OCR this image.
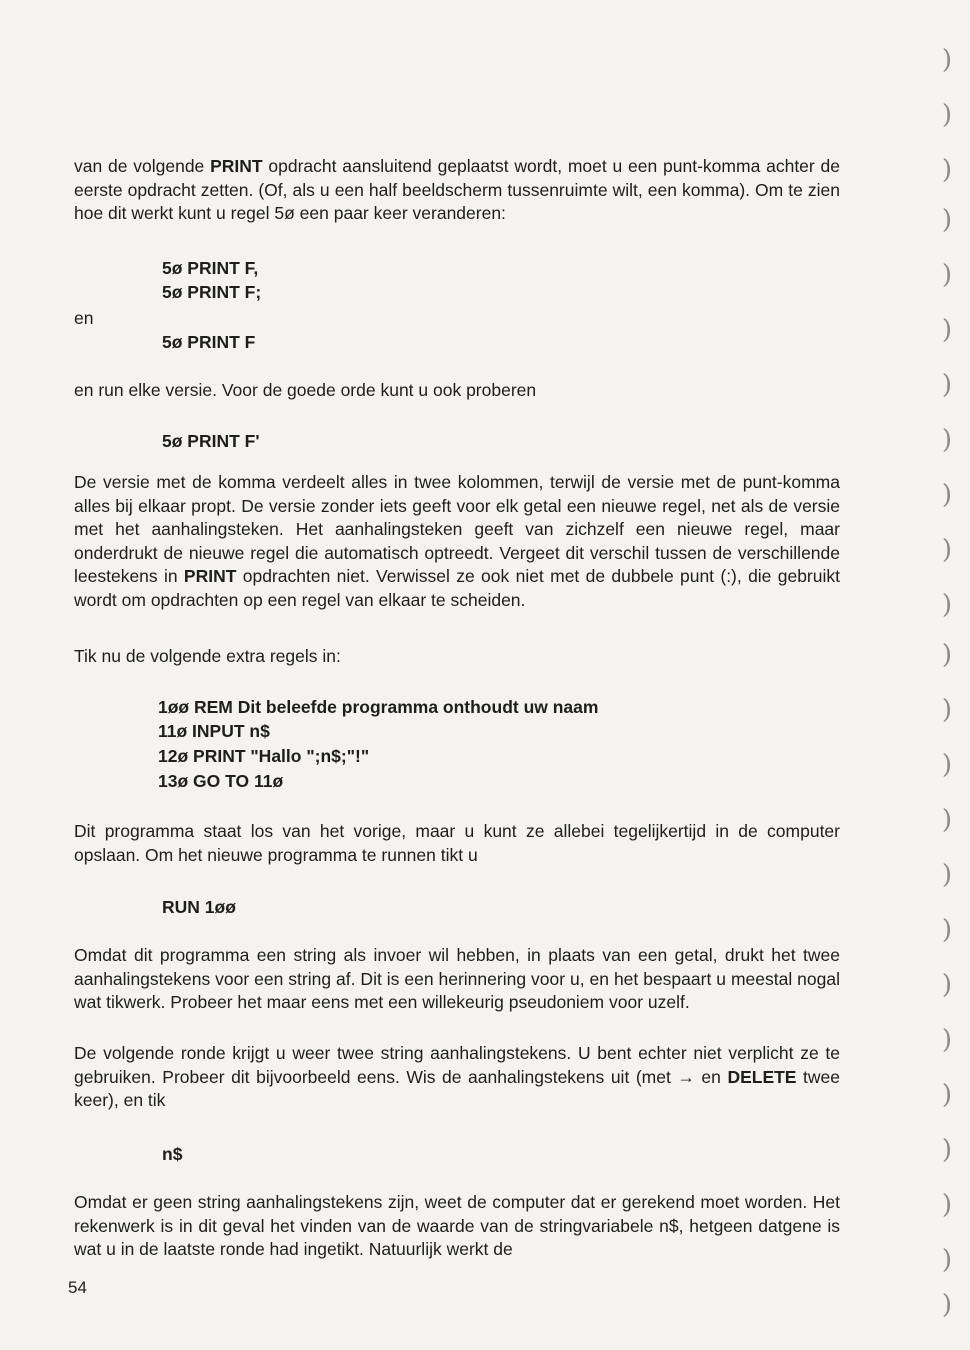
van de volgende PRINT opdracht aansluitend geplaatst wordt, moet u een punt-komma achter de eerste opdracht zetten. (Of, als u een half beeldscherm tussenruimte wilt, een komma). Om te zien hoe dit werkt kunt u regel 5ø een paar keer veranderen:

5ø PRINT F,
5ø PRINT F;
en
5ø PRINT F

en run elke versie. Voor de goede orde kunt u ook proberen

5ø PRINT F'

De versie met de komma verdeelt alles in twee kolommen, terwijl de versie met de punt-komma alles bij elkaar propt. De versie zonder iets geeft voor elk getal een nieuwe regel, net als de versie met het aanhalingsteken. Het aanhalingsteken geeft van zichzelf een nieuwe regel, maar onderdrukt de nieuwe regel die automatisch optreedt. Vergeet dit verschil tussen de verschillende leestekens in PRINT opdrachten niet. Verwissel ze ook niet met de dubbele punt (:), die gebruikt wordt om opdrachten op een regel van elkaar te scheiden.

Tik nu de volgende extra regels in:

1øø REM Dit beleefde programma onthoudt uw naam
11ø INPUT n$
12ø PRINT "Hallo ";n$;"!"
13ø GO TO 11ø

Dit programma staat los van het vorige, maar u kunt ze allebei tegelijkertijd in de computer opslaan. Om het nieuwe programma te runnen tikt u

RUN 1øø

Omdat dit programma een string als invoer wil hebben, in plaats van een getal, drukt het twee aanhalingstekens voor een string af. Dit is een herinnering voor u, en het bespaart u meestal nogal wat tikwerk. Probeer het maar eens met een willekeurig pseudoniem voor uzelf.

De volgende ronde krijgt u weer twee string aanhalingstekens. U bent echter niet verplicht ze te gebruiken. Probeer dit bijvoorbeeld eens. Wis de aanhalingstekens uit (met → en DELETE twee keer), en tik

n$

Omdat er geen string aanhalingstekens zijn, weet de computer dat er gerekend moet worden. Het rekenwerk is in dit geval het vinden van de waarde van de stringvariabele n$, hetgeen datgene is wat u in de laatste ronde had ingetikt. Natuurlijk werkt de

54
)
)
)
)
)
)
)
)
)
)
)
)
)
)
)
)
)
)
)
)
)
)
)
)
